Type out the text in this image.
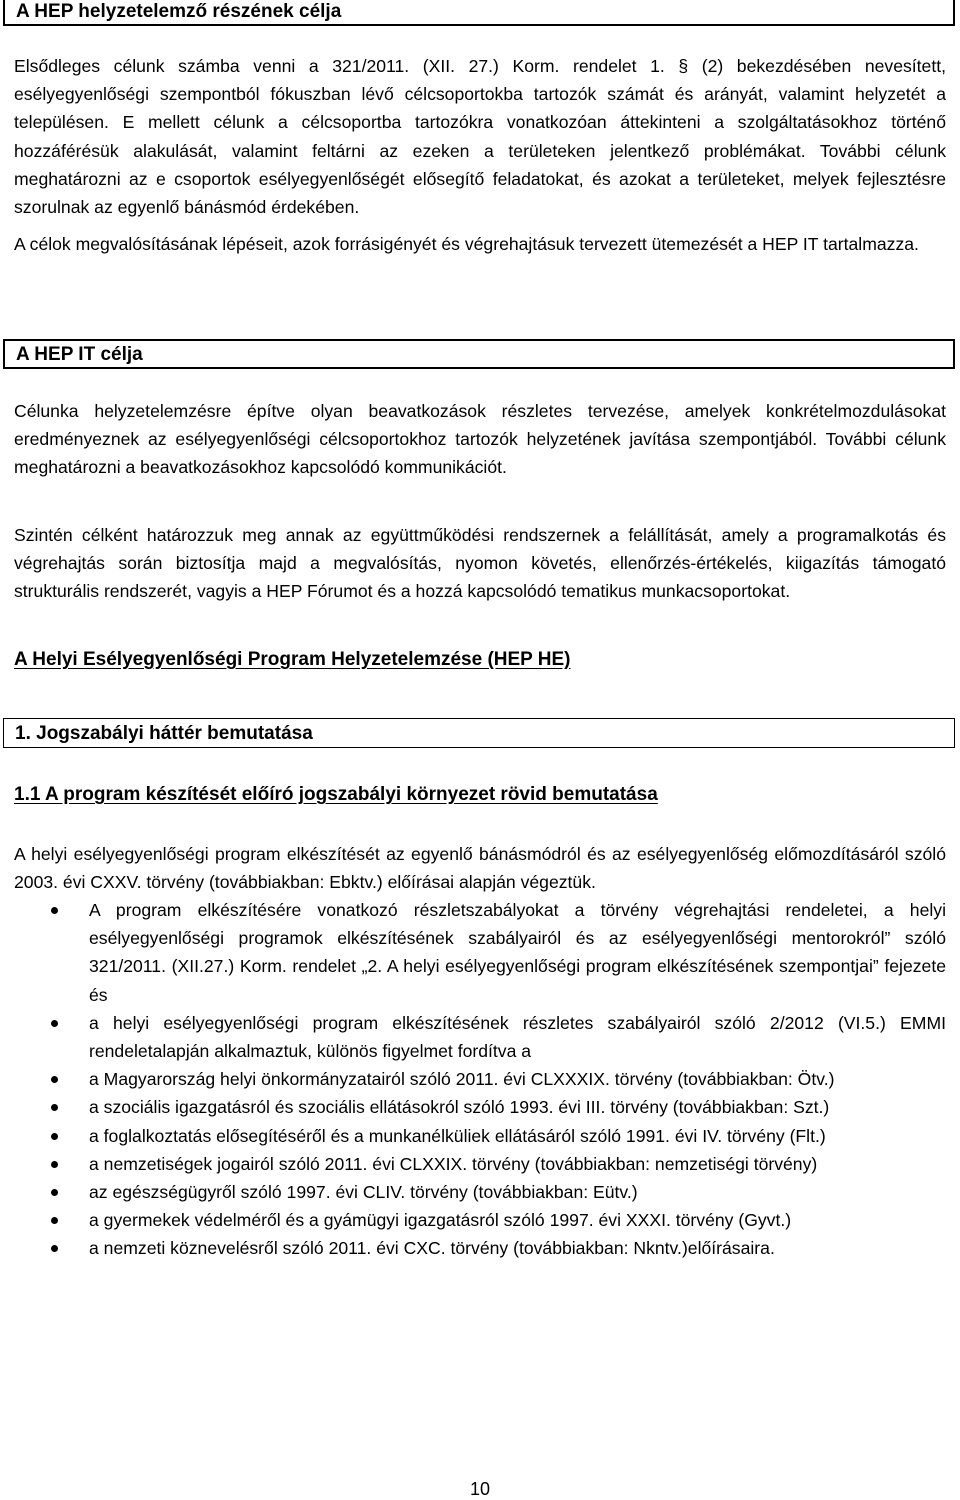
A HEP helyzetelemző részének célja

Elsődleges célunk számba venni a 321/2011. (XII. 27.) Korm. rendelet 1. § (2) bekezdésében nevesített, esélyegyenlőségi szempontból fókuszban lévő célcsoportokba tartozók számát és arányát, valamint helyzetét a településen. E mellett célunk a célcsoportba tartozókra vonatkozóan áttekinteni a szolgáltatásokhoz történő hozzáférésük alakulását, valamint feltárni az ezeken a területeken jelentkező problémákat. További célunk meghatározni az e csoportok esélyegyenlőségét elősegítő feladatokat, és azokat a területeket, melyek fejlesztésre szorulnak az egyenlő bánásmód érdekében.

A célok megvalósításának lépéseit, azok forrásigényét és végrehajtásuk tervezett ütemezését a HEP IT tartalmazza.

A HEP IT célja

Célunka helyzetelemzésre építve olyan beavatkozások részletes tervezése, amelyek konkrételmozdulásokat eredményeznek az esélyegyenlőségi célcsoportokhoz tartozók helyzetének javítása szempontjából. További célunk meghatározni a beavatkozásokhoz kapcsolódó kommunikációt.

Szintén célként határozzuk meg annak az együttműködési rendszernek a felállítását, amely a programalkotás és végrehajtás során biztosítja majd a megvalósítás, nyomon követés, ellenőrzés-értékelés, kiigazítás támogató strukturális rendszerét, vagyis a HEP Fórumot és a hozzá kapcsolódó tematikus munkacsoportokat.

A Helyi Esélyegyenlőségi Program Helyzetelemzése (HEP HE)
1. Jogszabályi háttér bemutatása
1.1 A program készítését előíró jogszabályi környezet rövid bemutatása

A helyi esélyegyenlőségi program elkészítését az egyenlő bánásmódról és az esélyegyenlőség előmozdításáról szóló 2003. évi CXXV. törvény (továbbiakban: Ebktv.) előírásai alapján végeztük.

A program elkészítésére vonatkozó részletszabályokat a törvény végrehajtási rendeletei, a helyi esélyegyenlőségi programok elkészítésének szabályairól és az esélyegyenlőségi mentorokról” szóló 321/2011. (XII.27.) Korm. rendelet „2. A helyi esélyegyenlőségi program elkészítésének szempontjai” fejezete és
a helyi esélyegyenlőségi program elkészítésének részletes szabályairól szóló 2/2012 (VI.5.) EMMI rendeletalapján alkalmaztuk, különös figyelmet fordítva a
a Magyarország helyi önkormányzatairól szóló 2011. évi CLXXXIX. törvény (továbbiakban: Ötv.)
a szociális igazgatásról és szociális ellátásokról szóló 1993. évi III. törvény (továbbiakban: Szt.)
a foglalkoztatás elősegítéséről és a munkanélküliek ellátásáról szóló 1991. évi IV. törvény (Flt.)
a nemzetiségek jogairól szóló 2011. évi CLXXIX. törvény (továbbiakban: nemzetiségi törvény)
az egészségügyről szóló 1997. évi CLIV. törvény (továbbiakban: Eütv.)
a gyermekek védelméről és a gyámügyi igazgatásról szóló 1997. évi XXXI. törvény (Gyvt.)
a nemzeti köznevelésről szóló 2011. évi CXC. törvény (továbbiakban: Nkntv.)előírásaira.
10
